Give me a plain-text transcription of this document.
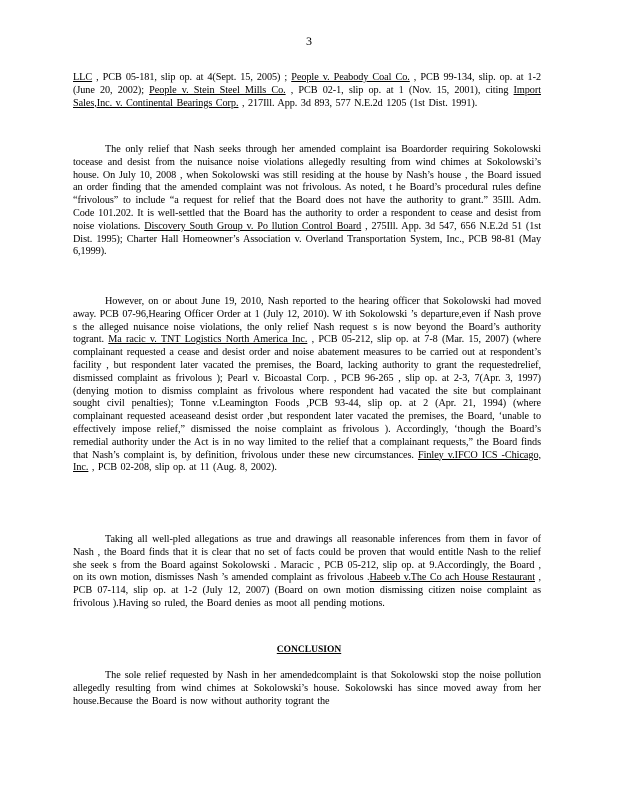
3

LLC , PCB 05-181, slip op. at 4(Sept. 15, 2005) ; People v. Peabody Coal Co. , PCB 99-134, slip. op. at 1-2 (June 20, 2002); People v. Stein Steel Mills Co. , PCB 02-1, slip op. at 1 (Nov. 15, 2001), citing Import Sales,Inc. v. Continental Bearings Corp. , 217Ill. App. 3d 893, 577 N.E.2d 1205 (1st Dist. 1991).

The only relief that Nash seeks through her amended complaint isa Boardorder requiring Sokolowski tocease and desist from the nuisance noise violations allegedly resulting from wind chimes at Sokolowski’s house. On July 10, 2008 , when Sokolowski was still residing at the house by Nash’s house , the Board issued an order finding that the amended complaint was not frivolous. As noted, t he Board’s procedural rules define “frivolous” to include “a request for relief that the Board does not have the authority to grant.” 35Ill. Adm. Code 101.202. It is well-settled that the Board has the authority to order a respondent to cease and desist from noise violations. Discovery South Group v. Po llution Control Board , 275Ill. App. 3d 547, 656 N.E.2d 51 (1st Dist. 1995); Charter Hall Homeowner’s Association v. Overland Transportation System, Inc., PCB 98-81 (May 6,1999).

However, on or about June 19, 2010, Nash reported to the hearing officer that Sokolowski had moved away. PCB 07-96,Hearing Officer Order at 1 (July 12, 2010). W ith Sokolowski ’s departure,even if Nash prove s the alleged nuisance noise violations, the only relief Nash request s is now beyond the Board’s authority togrant. Ma racic v. TNT Logistics North America Inc. , PCB 05-212, slip op. at 7-8 (Mar. 15, 2007) (where complainant requested a cease and desist order and noise abatement measures to be carried out at respondent’s facility , but respondent later vacated the premises, the Board, lacking authority to grant the requestedrelief, dismissed complaint as frivolous ); Pearl v. Bicoastal Corp. , PCB 96-265 , slip op. at 2-3, 7(Apr. 3, 1997) (denying motion to dismiss complaint as frivolous where respondent had vacated the site but complainant sought civil penalties); Tonne v.Leamington Foods ,PCB 93-44, slip op. at 2 (Apr. 21, 1994) (where complainant requested aceaseand desist order ,but respondent later vacated the premises, the Board, ‘unable to effectively impose relief,” dismissed the noise complaint as frivolous ). Accordingly, ‘though the Board’s remedial authority under the Act is in no way limited to the relief that a complainant requests,” the Board finds that Nash’s complaint is, by definition, frivolous under these new circumstances. Finley v.IFCO ICS -Chicago, Inc. , PCB 02-208, slip op. at 11 (Aug. 8, 2002).

Taking all well-pled allegations as true and drawings all reasonable inferences from them in favor of Nash , the Board finds that it is clear that no set of facts could be proven that would entitle Nash to the relief she seek s from the Board against Sokolowski . Maracic , PCB 05-212, slip op. at 9.Accordingly, the Board , on its own motion, dismisses Nash ’s amended complaint as frivolous .Habeeb v.The Co ach House Restaurant , PCB 07-114, slip op. at 1-2 (July 12, 2007) (Board on own motion dismissing citizen noise complaint as frivolous ).Having so ruled, the Board denies as moot all pending motions.

CONCLUSION

The sole relief requested by Nash in her amendedcomplaint is that Sokolowski stop the noise pollution allegedly resulting from wind chimes at Sokolowski’s house. Sokolowski has since moved away from her house.Because the Board is now without authority togrant the
